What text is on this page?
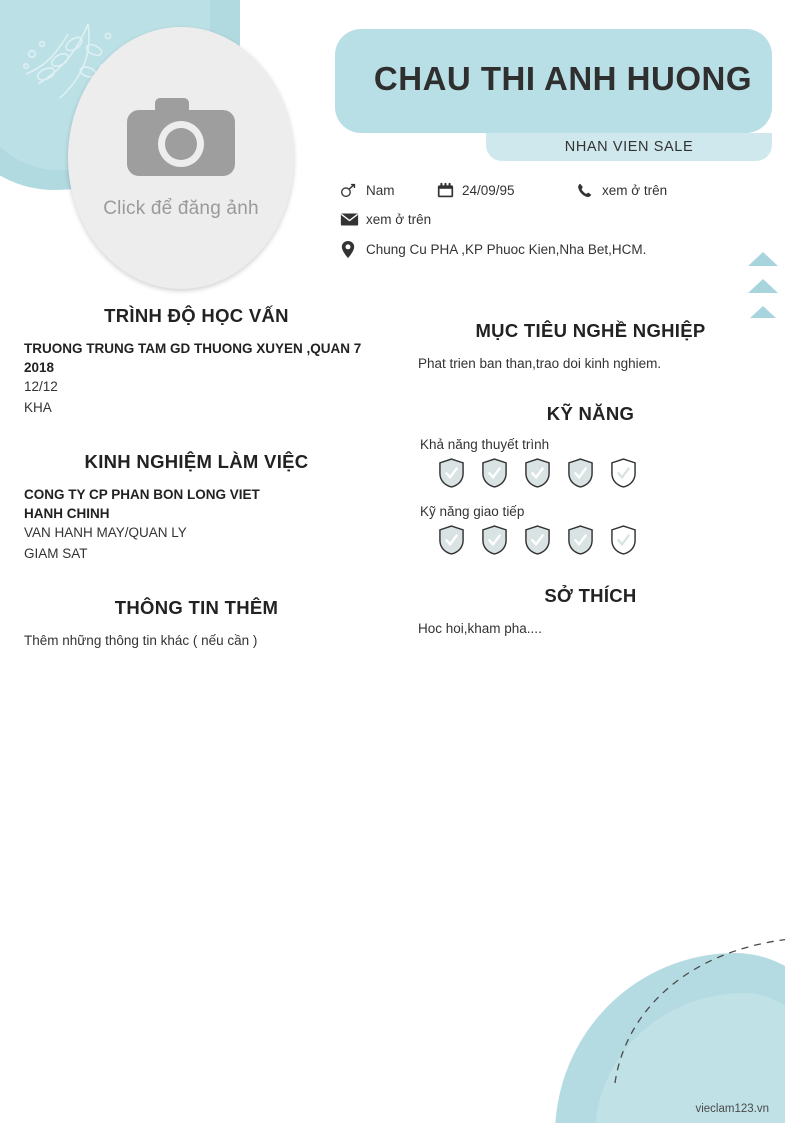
Click để đăng ảnh
CHAU THI ANH HUONG
NHAN VIEN SALE
Nam	24/09/95	xem ở trên
xem ở trên
Chung Cu PHA ,KP Phuoc Kien,Nha Bet,HCM.
TRÌNH ĐỘ HỌC VẤN
TRUONG TRUNG TAM GD THUONG XUYEN ,QUAN 7
2018
12/12
KHA
KINH NGHIỆM LÀM VIỆC
CONG TY CP PHAN BON LONG VIET
HANH CHINH
VAN HANH MAY/QUAN LY
GIAM SAT
THÔNG TIN THÊM
Thêm những thông tin khác ( nếu cần )
MỤC TIÊU NGHỀ NGHIỆP
Phat trien ban than,trao doi kinh nghiem.
KỸ NĂNG
Khả năng thuyết trình
Kỹ năng giao tiếp
SỞ THÍCH
Hoc hoi,kham pha....
vieclam123.vn
